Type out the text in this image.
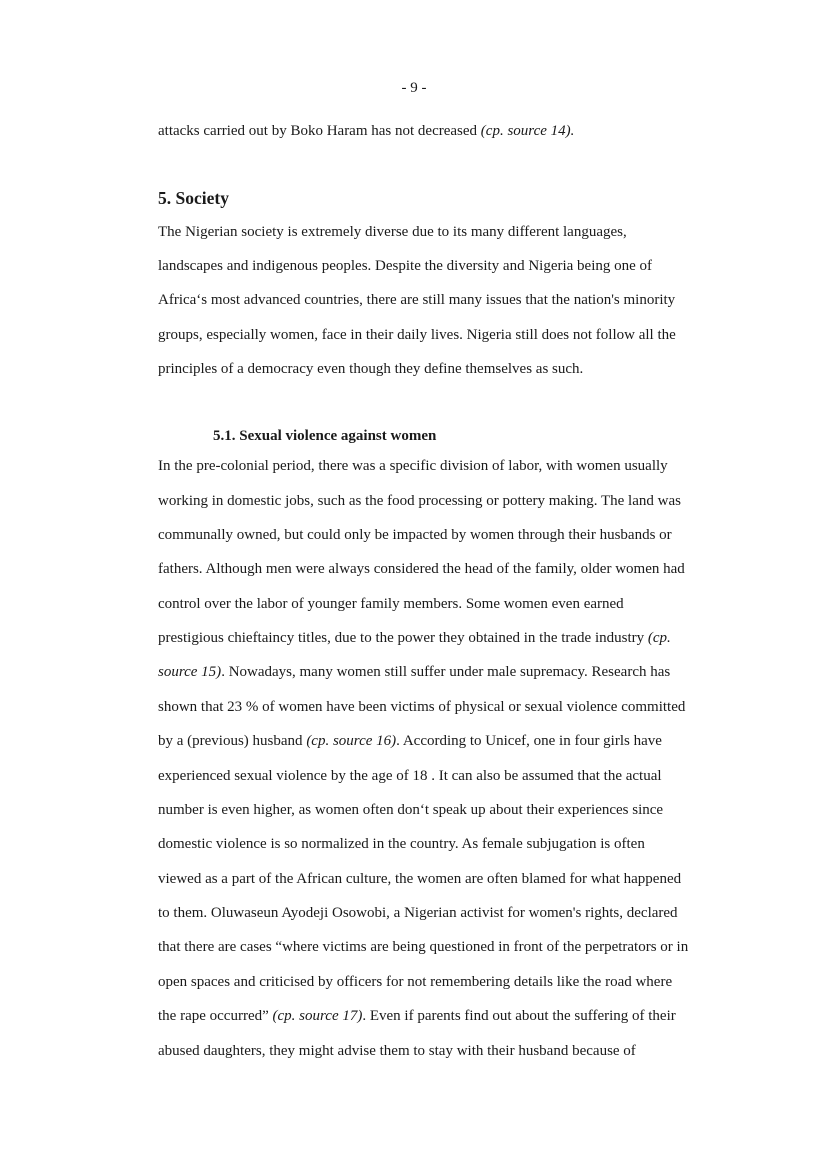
- 9 -
attacks carried out by Boko Haram has not decreased (cp. source 14).
5. Society
The Nigerian society is extremely diverse due to its many different languages,
landscapes and indigenous peoples. Despite the diversity and Nigeria being one of
Africa‘s most advanced countries, there are still many issues that the nation's minority
groups, especially women, face in their daily lives. Nigeria still does not follow all the
principles of a democracy even though they define themselves as such.
5.1. Sexual violence against women
In the pre-colonial period, there was a specific division of labor, with women usually
working in domestic jobs, such as the food processing or pottery making. The land was
communally owned, but could only be impacted by women through their husbands or
fathers. Although men were always considered the head of the family, older women had
control over the labor of younger family members. Some women even earned
prestigious chieftaincy titles, due to the power they obtained in the trade industry (cp.
source 15). Nowadays, many women still suffer under male supremacy. Research has
shown that 23 % of women have been victims of physical or sexual violence committed
by a (previous) husband (cp. source 16). According to Unicef, one in four girls have
experienced sexual violence by the age of 18 . It can also be assumed that the actual
number is even higher, as women often don‘t speak up about their experiences since
domestic violence is so normalized in the country. As female subjugation is often
viewed as a part of the African culture, the women are often blamed for what happened
to them. Oluwaseun Ayodeji Osowobi, a Nigerian activist for women's rights, declared
that there are cases “where victims are being questioned in front of the perpetrators or in
open spaces and criticised by officers for not remembering details like the road where
the rape occurred” (cp. source 17). Even if parents find out about the suffering of their
abused daughters, they might advise them to stay with their husband because of
